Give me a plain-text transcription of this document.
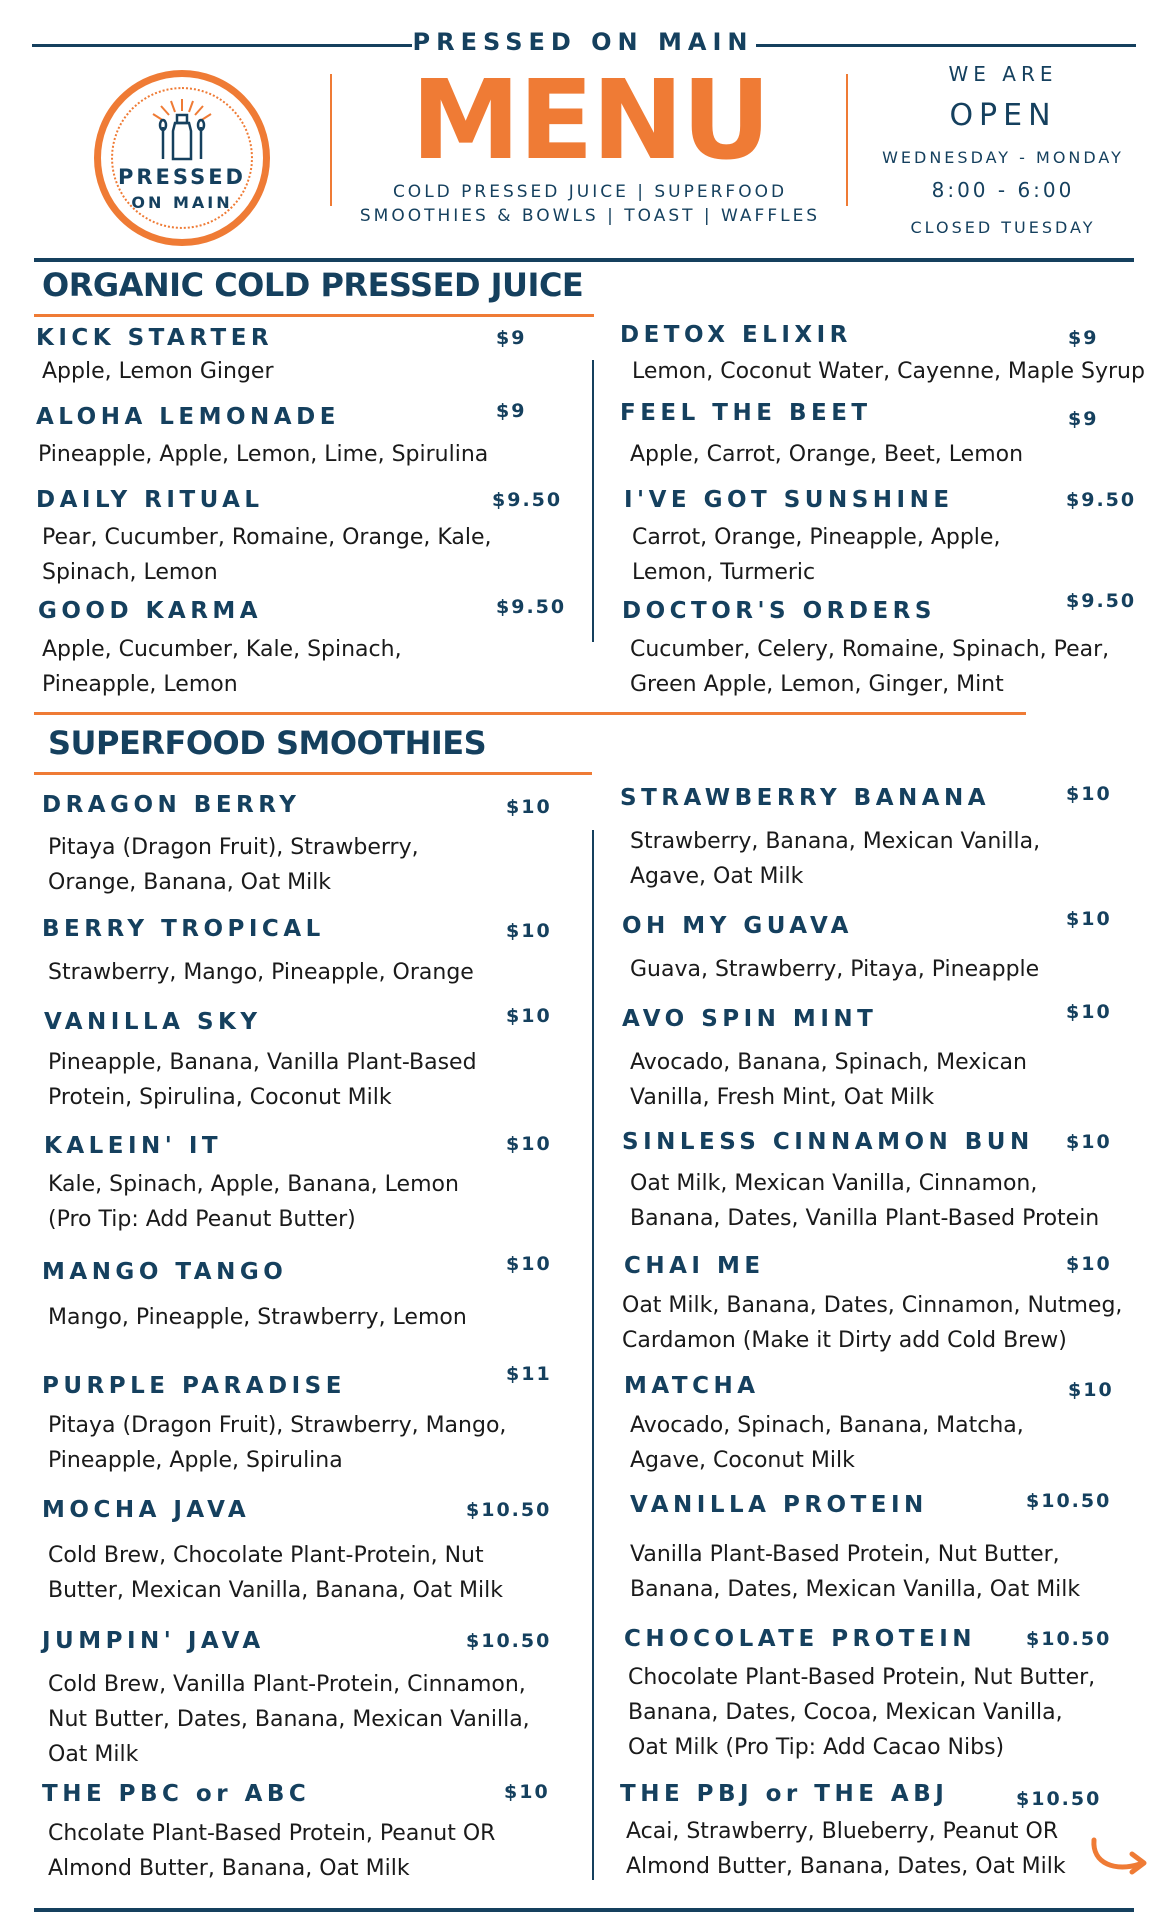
PRESSED ON MAIN
PRESSED
ON MAIN
MENU
COLD PRESSED JUICE | SUPERFOOD
SMOOTHIES & BOWLS | TOAST | WAFFLES
WE ARE
OPEN
WEDNESDAY - MONDAY
8:00 - 6:00
CLOSED TUESDAY
ORGANIC COLD PRESSED JUICE
KICK STARTER	$9
Apple, Lemon Ginger
ALOHA LEMONADE	$9
Pineapple, Apple, Lemon, Lime, Spirulina
DAILY RITUAL	$9.50
Pear, Cucumber, Romaine, Orange, Kale,
Spinach, Lemon
GOOD KARMA	$9.50
Apple, Cucumber, Kale, Spinach,
Pineapple, Lemon
DETOX ELIXIR	$9
Lemon, Coconut Water, Cayenne, Maple Syrup
FEEL THE BEET	$9
Apple, Carrot, Orange, Beet, Lemon
I'VE GOT SUNSHINE	$9.50
Carrot, Orange, Pineapple, Apple,
Lemon, Turmeric
DOCTOR'S ORDERS	$9.50
Cucumber, Celery, Romaine, Spinach, Pear,
Green Apple, Lemon, Ginger, Mint
SUPERFOOD SMOOTHIES
DRAGON BERRY	$10
Pitaya (Dragon Fruit), Strawberry,
Orange, Banana, Oat Milk
BERRY TROPICAL	$10
Strawberry, Mango, Pineapple, Orange
VANILLA SKY	$10
Pineapple, Banana, Vanilla Plant-Based
Protein, Spirulina, Coconut Milk
KALEIN' IT	$10
Kale, Spinach, Apple, Banana, Lemon
(Pro Tip: Add Peanut Butter)
MANGO TANGO	$10
Mango, Pineapple, Strawberry, Lemon
PURPLE PARADISE	$11
Pitaya (Dragon Fruit), Strawberry, Mango,
Pineapple, Apple, Spirulina
MOCHA JAVA	$10.50
Cold Brew, Chocolate Plant-Protein, Nut
Butter, Mexican Vanilla, Banana, Oat Milk
JUMPIN' JAVA	$10.50
Cold Brew, Vanilla Plant-Protein, Cinnamon,
Nut Butter, Dates, Banana, Mexican Vanilla,
Oat Milk
THE PBC or ABC	$10
Chcolate Plant-Based Protein, Peanut OR
Almond Butter, Banana, Oat Milk
STRAWBERRY BANANA	$10
Strawberry, Banana, Mexican Vanilla,
Agave, Oat Milk
OH MY GUAVA	$10
Guava, Strawberry, Pitaya, Pineapple
AVO SPIN MINT	$10
Avocado, Banana, Spinach, Mexican
Vanilla, Fresh Mint, Oat Milk
SINLESS CINNAMON BUN $10
Oat Milk, Mexican Vanilla, Cinnamon,
Banana, Dates, Vanilla Plant-Based Protein
CHAI ME	$10
Oat Milk, Banana, Dates, Cinnamon, Nutmeg,
Cardamon (Make it Dirty add Cold Brew)
MATCHA	$10
Avocado, Spinach, Banana, Matcha,
Agave, Coconut Milk
VANILLA PROTEIN	$10.50
Vanilla Plant-Based Protein, Nut Butter,
Banana, Dates, Mexican Vanilla, Oat Milk
CHOCOLATE PROTEIN	$10.50
Chocolate Plant-Based Protein, Nut Butter,
Banana, Dates, Cocoa, Mexican Vanilla,
Oat Milk (Pro Tip: Add Cacao Nibs)
THE PBJ or THE ABJ	$10.50
Acai, Strawberry, Blueberry, Peanut OR
Almond Butter, Banana, Dates, Oat Milk
